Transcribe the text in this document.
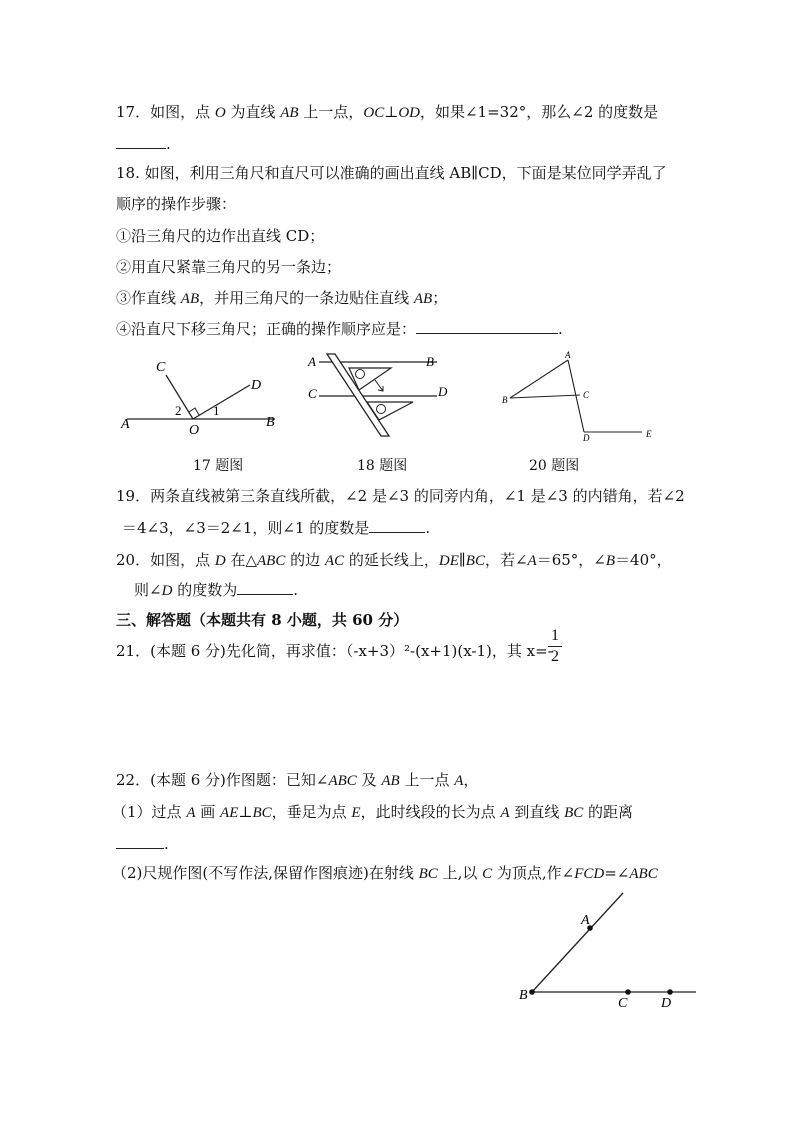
17．如图，点 O 为直线 AB 上一点，OC⊥OD，如果∠1=32°，那么∠2 的度数是
.
18. 如图，利用三角尺和直尺可以准确的画出直线 AB∥CD，下面是某位同学弄乱了
顺序的操作步骤：
①沿三角尺的边作出直线 CD；
②用直尺紧靠三角尺的另一条边；
③作直线 AB，并用三角尺的一条边贴住直线 AB；
④沿直尺下移三角尺；正确的操作顺序应是：	.
C
D
A	B
O
2 1
17 题图
A	B
C	D
18 题图
A
B	C
D	E
20 题图
19．两条直线被第三条直线所截，∠2 是∠3 的同旁内角，∠1 是∠3 的内错角，若∠2
＝4∠3，∠3＝2∠1，则∠1 的度数是	.
20．如图，点 D 在△ABC 的边 AC 的延长线上，DE∥BC，若∠A＝65°，∠B＝40°，
则∠D 的度数为	.
三、解答题（本题共有 8 小题，共 60 分）
21．(本题 6 分)先化简，再求值：（-x+3）²-(x+1)(x-1)，其 x=-
1
2
22．(本题 6 分)作图题：已知∠ABC 及 AB 上一点 A，
（1）过点 A 画 AE⊥BC，垂足为点 E，此时线段的长为点 A 到直线 BC 的距离
.
（2)尺规作图(不写作法,保留作图痕迹)在射线 BC 上,以 C 为顶点,作∠FCD=∠ABC
A
B
C D
